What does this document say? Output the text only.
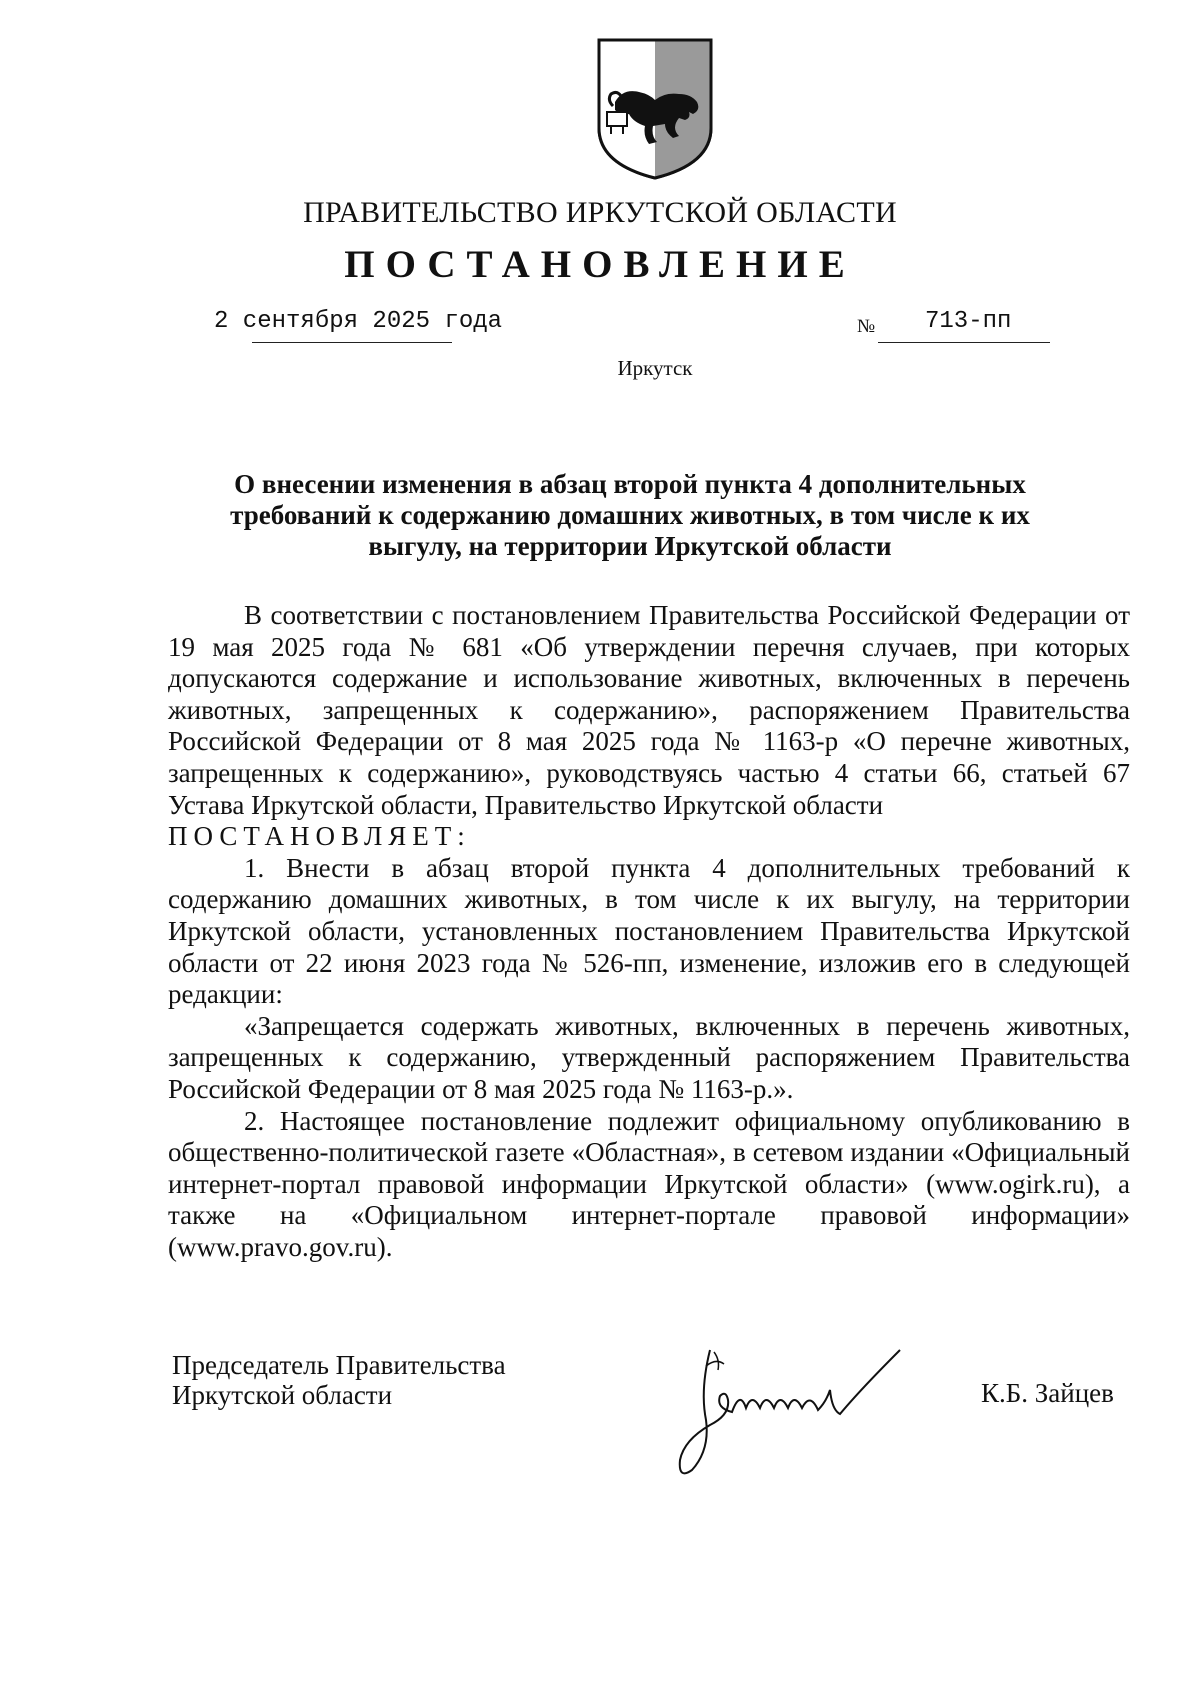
ПРАВИТЕЛЬСТВО ИРКУТСКОЙ ОБЛАСТИ
ПОСТАНОВЛЕНИЕ
2 сентября 2025 года	№ 713-пп
Иркутск
О внесении изменения в абзац второй пункта 4 дополнительных
требований к содержанию домашних животных, в том числе к их
выгулу, на территории Иркутской области

В соответствии с постановлением Правительства Российской Федерации от 19 мая 2025 года № 681 «Об утверждении перечня случаев, при которых допускаются содержание и использование животных, включенных в перечень животных, запрещенных к содержанию», распоряжением Правительства Российской Федерации от 8 мая 2025 года № 1163-р «О перечне животных, запрещенных к содержанию», руководствуясь частью 4 статьи 66, статьей 67 Устава Иркутской области, Правительство Иркутской области

ПОСТАНОВЛЯЕТ:

1. Внести в абзац второй пункта 4 дополнительных требований к содержанию домашних животных, в том числе к их выгулу, на территории Иркутской области, установленных постановлением Правительства Иркутской области от 22 июня 2023 года № 526-пп, изменение, изложив его в следующей редакции:

«Запрещается содержать животных, включенных в перечень животных, запрещенных к содержанию, утвержденный распоряжением Правительства Российской Федерации от 8 мая 2025 года № 1163-р.».

2. Настоящее постановление подлежит официальному опубликованию в общественно-политической газете «Областная», в сетевом издании «Официальный интернет-портал правовой информации Иркутской области» (www.ogirk.ru), а также на «Официальном интернет-портале правовой информации» (www.pravo.gov.ru).

Председатель Правительства
Иркутской области	К.Б. Зайцев
